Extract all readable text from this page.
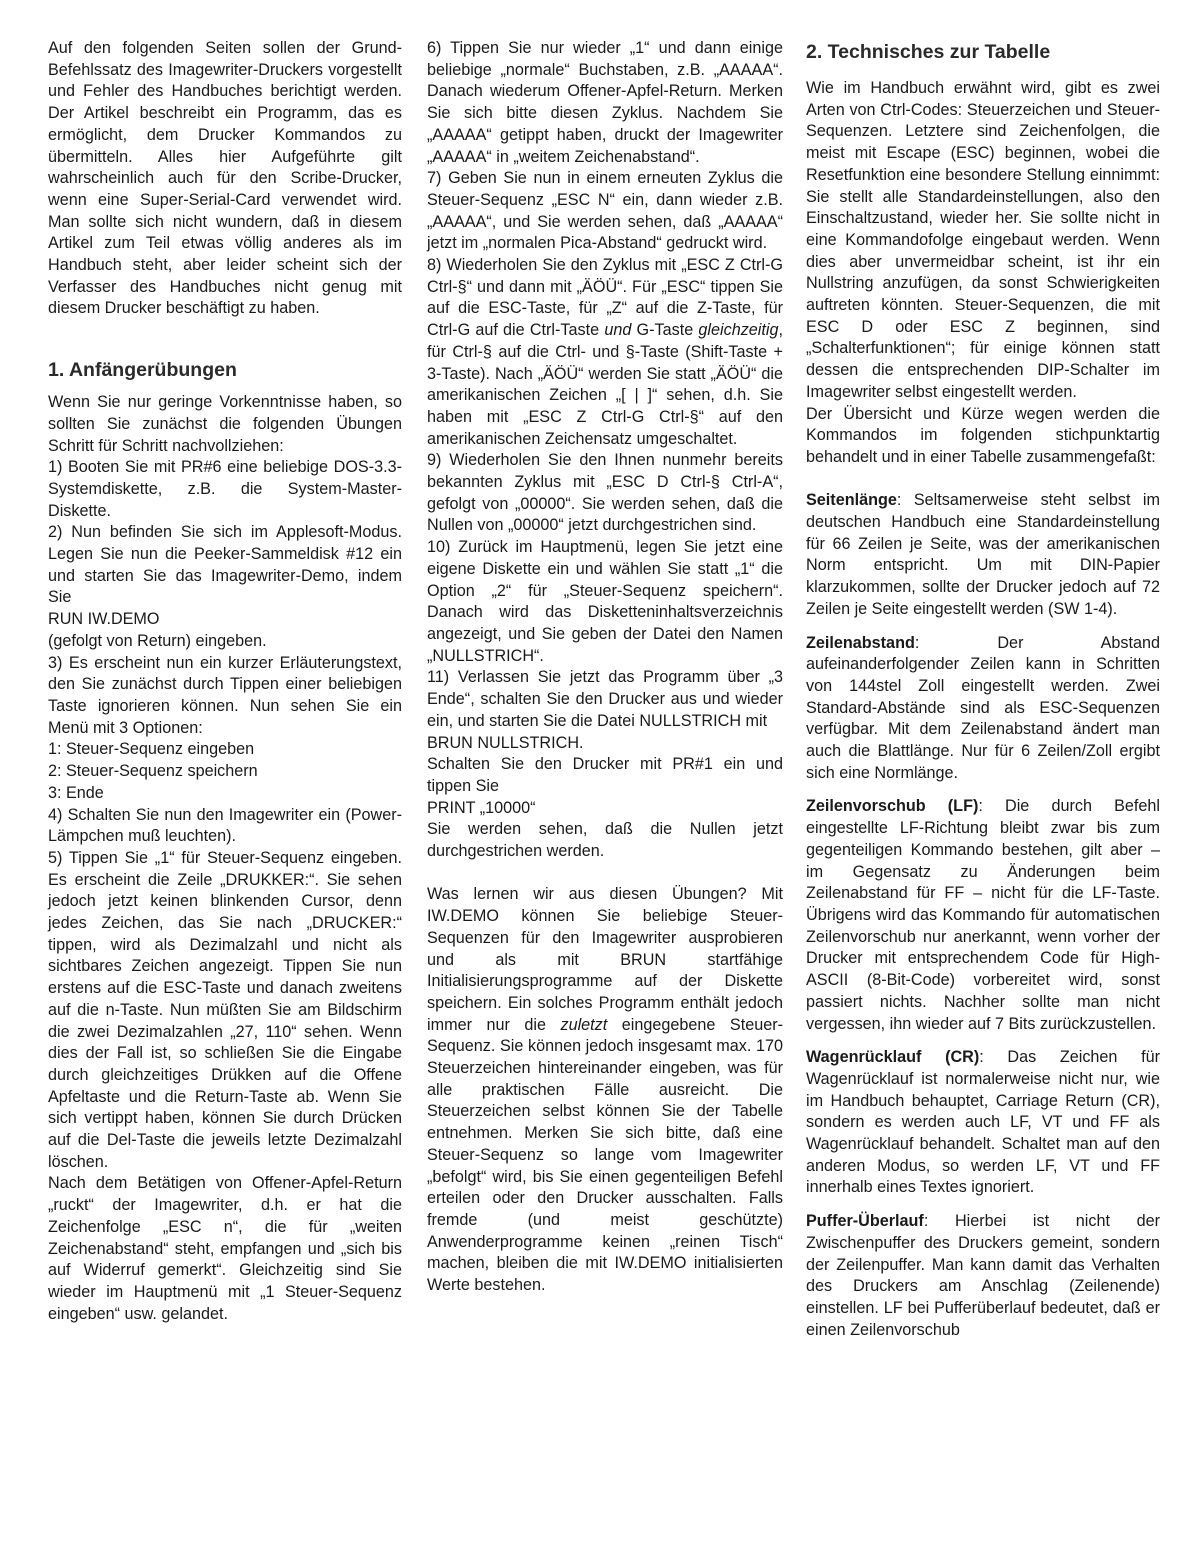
Auf den folgenden Seiten sollen der Grund-Befehlssatz des Imagewriter-Druckers vorgestellt und Fehler des Handbuches berichtigt werden. Der Artikel beschreibt ein Programm, das es ermöglicht, dem Drucker Kommandos zu übermitteln. Alles hier Aufgeführte gilt wahrscheinlich auch für den Scribe-Drucker, wenn eine Super-Serial-Card verwendet wird. Man sollte sich nicht wundern, daß in diesem Artikel zum Teil etwas völlig anderes als im Handbuch steht, aber leider scheint sich der Verfasser des Handbuches nicht genug mit diesem Drucker beschäftigt zu haben.

1. Anfängerübungen

Wenn Sie nur geringe Vorkenntnisse haben, so sollten Sie zunächst die folgenden Übungen Schritt für Schritt nachvollziehen:

1) Booten Sie mit PR#6 eine beliebige DOS-3.3-Systemdiskette, z.B. die System-Master-Diskette.

2) Nun befinden Sie sich im Applesoft-Modus. Legen Sie nun die Peeker-Sammeldisk #12 ein und starten Sie das Imagewriter-Demo, indem Sie

RUN IW.DEMO

(gefolgt von Return) eingeben.

3) Es erscheint nun ein kurzer Erläuterungstext, den Sie zunächst durch Tippen einer beliebigen Taste ignorieren können. Nun sehen Sie ein Menü mit 3 Optionen:

1: Steuer-Sequenz eingeben

2: Steuer-Sequenz speichern

3: Ende

4) Schalten Sie nun den Imagewriter ein (Power-Lämpchen muß leuchten).

5) Tippen Sie „1“ für Steuer-Sequenz eingeben. Es erscheint die Zeile „DRUKKER:“. Sie sehen jedoch jetzt keinen blinkenden Cursor, denn jedes Zeichen, das Sie nach „DRUCKER:“ tippen, wird als Dezimalzahl und nicht als sichtbares Zeichen angezeigt. Tippen Sie nun erstens auf die ESC-Taste und danach zweitens auf die n-Taste. Nun müßten Sie am Bildschirm die zwei Dezimalzahlen „27, 110“ sehen. Wenn dies der Fall ist, so schließen Sie die Eingabe durch gleichzeitiges Drükken auf die Offene Apfeltaste und die Return-Taste ab. Wenn Sie sich vertippt haben, können Sie durch Drücken auf die Del-Taste die jeweils letzte Dezimalzahl löschen.

Nach dem Betätigen von Offener-Apfel-Return „ruckt“ der Imagewriter, d.h. er hat die Zeichenfolge „ESC n“, die für „weiten Zeichenabstand“ steht, empfangen und „sich bis auf Widerruf gemerkt“. Gleichzeitig sind Sie wieder im Hauptmenü mit „1 Steuer-Sequenz eingeben“ usw. gelandet.

6) Tippen Sie nur wieder „1“ und dann einige beliebige „normale“ Buchstaben, z.B. „AAAAA“. Danach wiederum Offener-Apfel-Return. Merken Sie sich bitte diesen Zyklus. Nachdem Sie „AAAAA“ getippt haben, druckt der Imagewriter „AAAAA“ in „weitem Zeichenabstand“.

7) Geben Sie nun in einem erneuten Zyklus die Steuer-Sequenz „ESC N“ ein, dann wieder z.B. „AAAAA“, und Sie werden sehen, daß „AAAAA“ jetzt im „normalen Pica-Abstand“ gedruckt wird.

8) Wiederholen Sie den Zyklus mit „ESC Z Ctrl-G Ctrl-§“ und dann mit „ÄÖÜ“. Für „ESC“ tippen Sie auf die ESC-Taste, für „Z“ auf die Z-Taste, für Ctrl-G auf die Ctrl-Taste und G-Taste gleichzeitig, für Ctrl-§ auf die Ctrl- und §-Taste (Shift-Taste + 3-Taste). Nach „ÄÖÜ“ werden Sie statt „ÄÖÜ“ die amerikanischen Zeichen „[ | ]“ sehen, d.h. Sie haben mit „ESC Z Ctrl-G Ctrl-§“ auf den amerikanischen Zeichensatz umgeschaltet.

9) Wiederholen Sie den Ihnen nunmehr bereits bekannten Zyklus mit „ESC D Ctrl-§ Ctrl-A“, gefolgt von „00000“. Sie werden sehen, daß die Nullen von „00000“ jetzt durchgestrichen sind.

10) Zurück im Hauptmenü, legen Sie jetzt eine eigene Diskette ein und wählen Sie statt „1“ die Option „2“ für „Steuer-Sequenz speichern“. Danach wird das Disketteninhaltsverzeichnis angezeigt, und Sie geben der Datei den Namen „NULLSTRICH“.

11) Verlassen Sie jetzt das Programm über „3 Ende“, schalten Sie den Drucker aus und wieder ein, und starten Sie die Datei NULLSTRICH mit

BRUN NULLSTRICH.

Schalten Sie den Drucker mit PR#1 ein und tippen Sie

PRINT „10000“

Sie werden sehen, daß die Nullen jetzt durchgestrichen werden.

Was lernen wir aus diesen Übungen? Mit IW.DEMO können Sie beliebige Steuer-Sequenzen für den Imagewriter ausprobieren und als mit BRUN startfähige Initialisierungsprogramme auf der Diskette speichern. Ein solches Programm enthält jedoch immer nur die zuletzt eingegebene Steuer-Sequenz. Sie können jedoch insgesamt max. 170 Steuerzeichen hintereinander eingeben, was für alle praktischen Fälle ausreicht. Die Steuerzeichen selbst können Sie der Tabelle entnehmen. Merken Sie sich bitte, daß eine Steuer-Sequenz so lange vom Imagewriter „befolgt“ wird, bis Sie einen gegenteiligen Befehl erteilen oder den Drucker ausschalten. Falls fremde (und meist geschützte) Anwenderprogramme keinen „reinen Tisch“ machen, bleiben die mit IW.DEMO initialisierten Werte bestehen.

2. Technisches zur Tabelle

Wie im Handbuch erwähnt wird, gibt es zwei Arten von Ctrl-Codes: Steuerzeichen und Steuer-Sequenzen. Letztere sind Zeichenfolgen, die meist mit Escape (ESC) beginnen, wobei die Resetfunktion eine besondere Stellung einnimmt: Sie stellt alle Standardeinstellungen, also den Einschaltzustand, wieder her. Sie sollte nicht in eine Kommandofolge eingebaut werden. Wenn dies aber unvermeidbar scheint, ist ihr ein Nullstring anzufügen, da sonst Schwierigkeiten auftreten könnten. Steuer-Sequenzen, die mit ESC D oder ESC Z beginnen, sind „Schalterfunktionen“; für einige können statt dessen die entsprechenden DIP-Schalter im Imagewriter selbst eingestellt werden.

Der Übersicht und Kürze wegen werden die Kommandos im folgenden stichpunktartig behandelt und in einer Tabelle zusammengefaßt:

Seitenlänge: Seltsamerweise steht selbst im deutschen Handbuch eine Standardeinstellung für 66 Zeilen je Seite, was der amerikanischen Norm entspricht. Um mit DIN-Papier klarzukommen, sollte der Drucker jedoch auf 72 Zeilen je Seite eingestellt werden (SW 1-4).

Zeilenabstand: Der Abstand aufeinanderfolgender Zeilen kann in Schritten von 144stel Zoll eingestellt werden. Zwei Standard-Abstände sind als ESC-Sequenzen verfügbar. Mit dem Zeilenabstand ändert man auch die Blattlänge. Nur für 6 Zeilen/Zoll ergibt sich eine Normlänge.

Zeilenvorschub (LF): Die durch Befehl eingestellte LF-Richtung bleibt zwar bis zum gegenteiligen Kommando bestehen, gilt aber – im Gegensatz zu Änderungen beim Zeilenabstand für FF – nicht für die LF-Taste. Übrigens wird das Kommando für automatischen Zeilenvorschub nur anerkannt, wenn vorher der Drucker mit entsprechendem Code für High-ASCII (8-Bit-Code) vorbereitet wird, sonst passiert nichts. Nachher sollte man nicht vergessen, ihn wieder auf 7 Bits zurückzustellen.

Wagenrücklauf (CR): Das Zeichen für Wagenrücklauf ist normalerweise nicht nur, wie im Handbuch behauptet, Carriage Return (CR), sondern es werden auch LF, VT und FF als Wagenrücklauf behandelt. Schaltet man auf den anderen Modus, so werden LF, VT und FF innerhalb eines Textes ignoriert.

Puffer-Überlauf: Hierbei ist nicht der Zwischenpuffer des Druckers gemeint, sondern der Zeilenpuffer. Man kann damit das Verhalten des Druckers am Anschlag (Zeilenende) einstellen. LF bei Pufferüberlauf bedeutet, daß er einen Zeilenvorschub
